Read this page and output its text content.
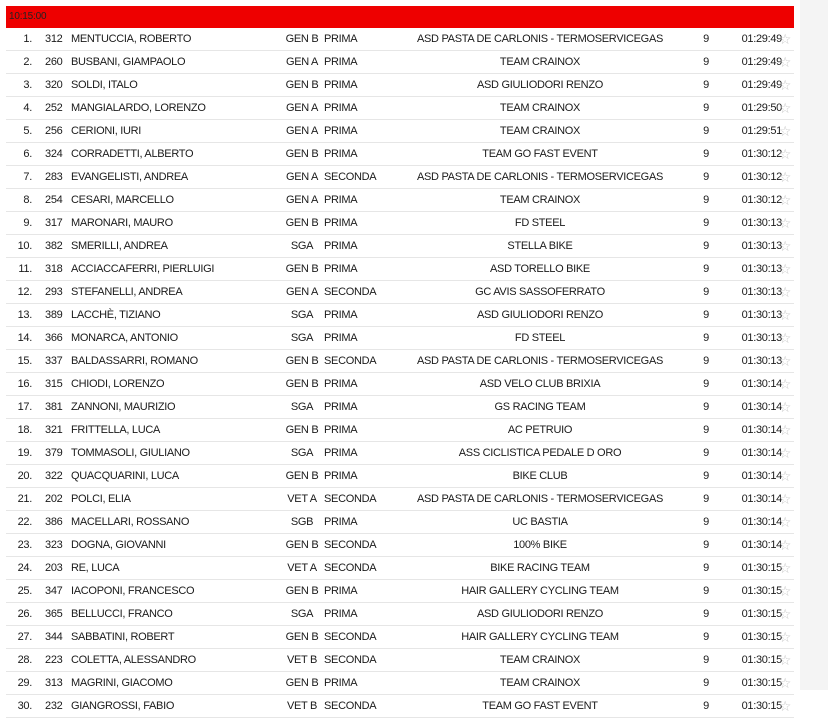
10:15:00
1. 312 MENTUCCIA, ROBERTO	GEN B PRIMA	ASD PASTA DE CARLONIS - TERMOSERVICEGAS	9	01:29:49
☆
2. 260 BUSBANI, GIAMPAOLO	GEN A PRIMA	TEAM CRAINOX	9	01:29:49
☆
3. 320 SOLDI, ITALO	GEN B PRIMA	ASD GIULIODORI RENZO	9	01:29:49
☆
4. 252 MANGIALARDO, LORENZO	GEN A PRIMA	TEAM CRAINOX	9	01:29:50
☆
5. 256 CERIONI, IURI	GEN A PRIMA	TEAM CRAINOX	9	01:29:51
☆
6. 324 CORRADETTI, ALBERTO	GEN B PRIMA	TEAM GO FAST EVENT	9	01:30:12
☆
7. 283 EVANGELISTI, ANDREA	GEN A SECONDA	ASD PASTA DE CARLONIS - TERMOSERVICEGAS	9	01:30:12
☆
8. 254 CESARI, MARCELLO	GEN A PRIMA	TEAM CRAINOX	9	01:30:12
☆
9. 317 MARONARI, MAURO	GEN B PRIMA	FD STEEL	9	01:30:13
☆
10. 382 SMERILLI, ANDREA	SGA PRIMA	STELLA BIKE	9	01:30:13
☆
11. 318 ACCIACCAFERRI, PIERLUIGI	GEN B PRIMA	ASD TORELLO BIKE	9	01:30:13
☆
12. 293 STEFANELLI, ANDREA	GEN A SECONDA	GC AVIS SASSOFERRATO	9	01:30:13
☆
13. 389 LACCHÈ, TIZIANO	SGA PRIMA	ASD GIULIODORI RENZO	9	01:30:13
☆
14. 366 MONARCA, ANTONIO	SGA PRIMA	FD STEEL	9	01:30:13
☆
15. 337 BALDASSARRI, ROMANO	GEN B SECONDA	ASD PASTA DE CARLONIS - TERMOSERVICEGAS	9	01:30:13
☆
16. 315 CHIODI, LORENZO	GEN B PRIMA	ASD VELO CLUB BRIXIA	9	01:30:14
☆
17. 381 ZANNONI, MAURIZIO	SGA PRIMA	GS RACING TEAM	9	01:30:14
☆
18. 321 FRITTELLA, LUCA	GEN B PRIMA	AC PETRUIO	9	01:30:14
☆
19. 379 TOMMASOLI, GIULIANO	SGA PRIMA	ASS CICLISTICA PEDALE D ORO	9	01:30:14
☆
20. 322 QUACQUARINI, LUCA	GEN B PRIMA	BIKE CLUB	9	01:30:14
☆
21. 202 POLCI, ELIA	VET A SECONDA	ASD PASTA DE CARLONIS - TERMOSERVICEGAS	9	01:30:14
☆
22. 386 MACELLARI, ROSSANO	SGB PRIMA	UC BASTIA	9	01:30:14
☆
23. 323 DOGNA, GIOVANNI	GEN B SECONDA	100% BIKE	9	01:30:14
☆
24. 203 RE, LUCA	VET A SECONDA	BIKE RACING TEAM	9	01:30:15
☆
25. 347 IACOPONI, FRANCESCO	GEN B PRIMA	HAIR GALLERY CYCLING TEAM	9	01:30:15
☆
26. 365 BELLUCCI, FRANCO	SGA PRIMA	ASD GIULIODORI RENZO	9	01:30:15
☆
27. 344 SABBATINI, ROBERT	GEN B SECONDA	HAIR GALLERY CYCLING TEAM	9	01:30:15
☆
28. 223 COLETTA, ALESSANDRO	VET B SECONDA	TEAM CRAINOX	9	01:30:15
☆
29. 313 MAGRINI, GIACOMO	GEN B PRIMA	TEAM CRAINOX	9	01:30:15
☆
30. 232 GIANGROSSI, FABIO	VET B SECONDA	TEAM GO FAST EVENT	9	01:30:15
☆
